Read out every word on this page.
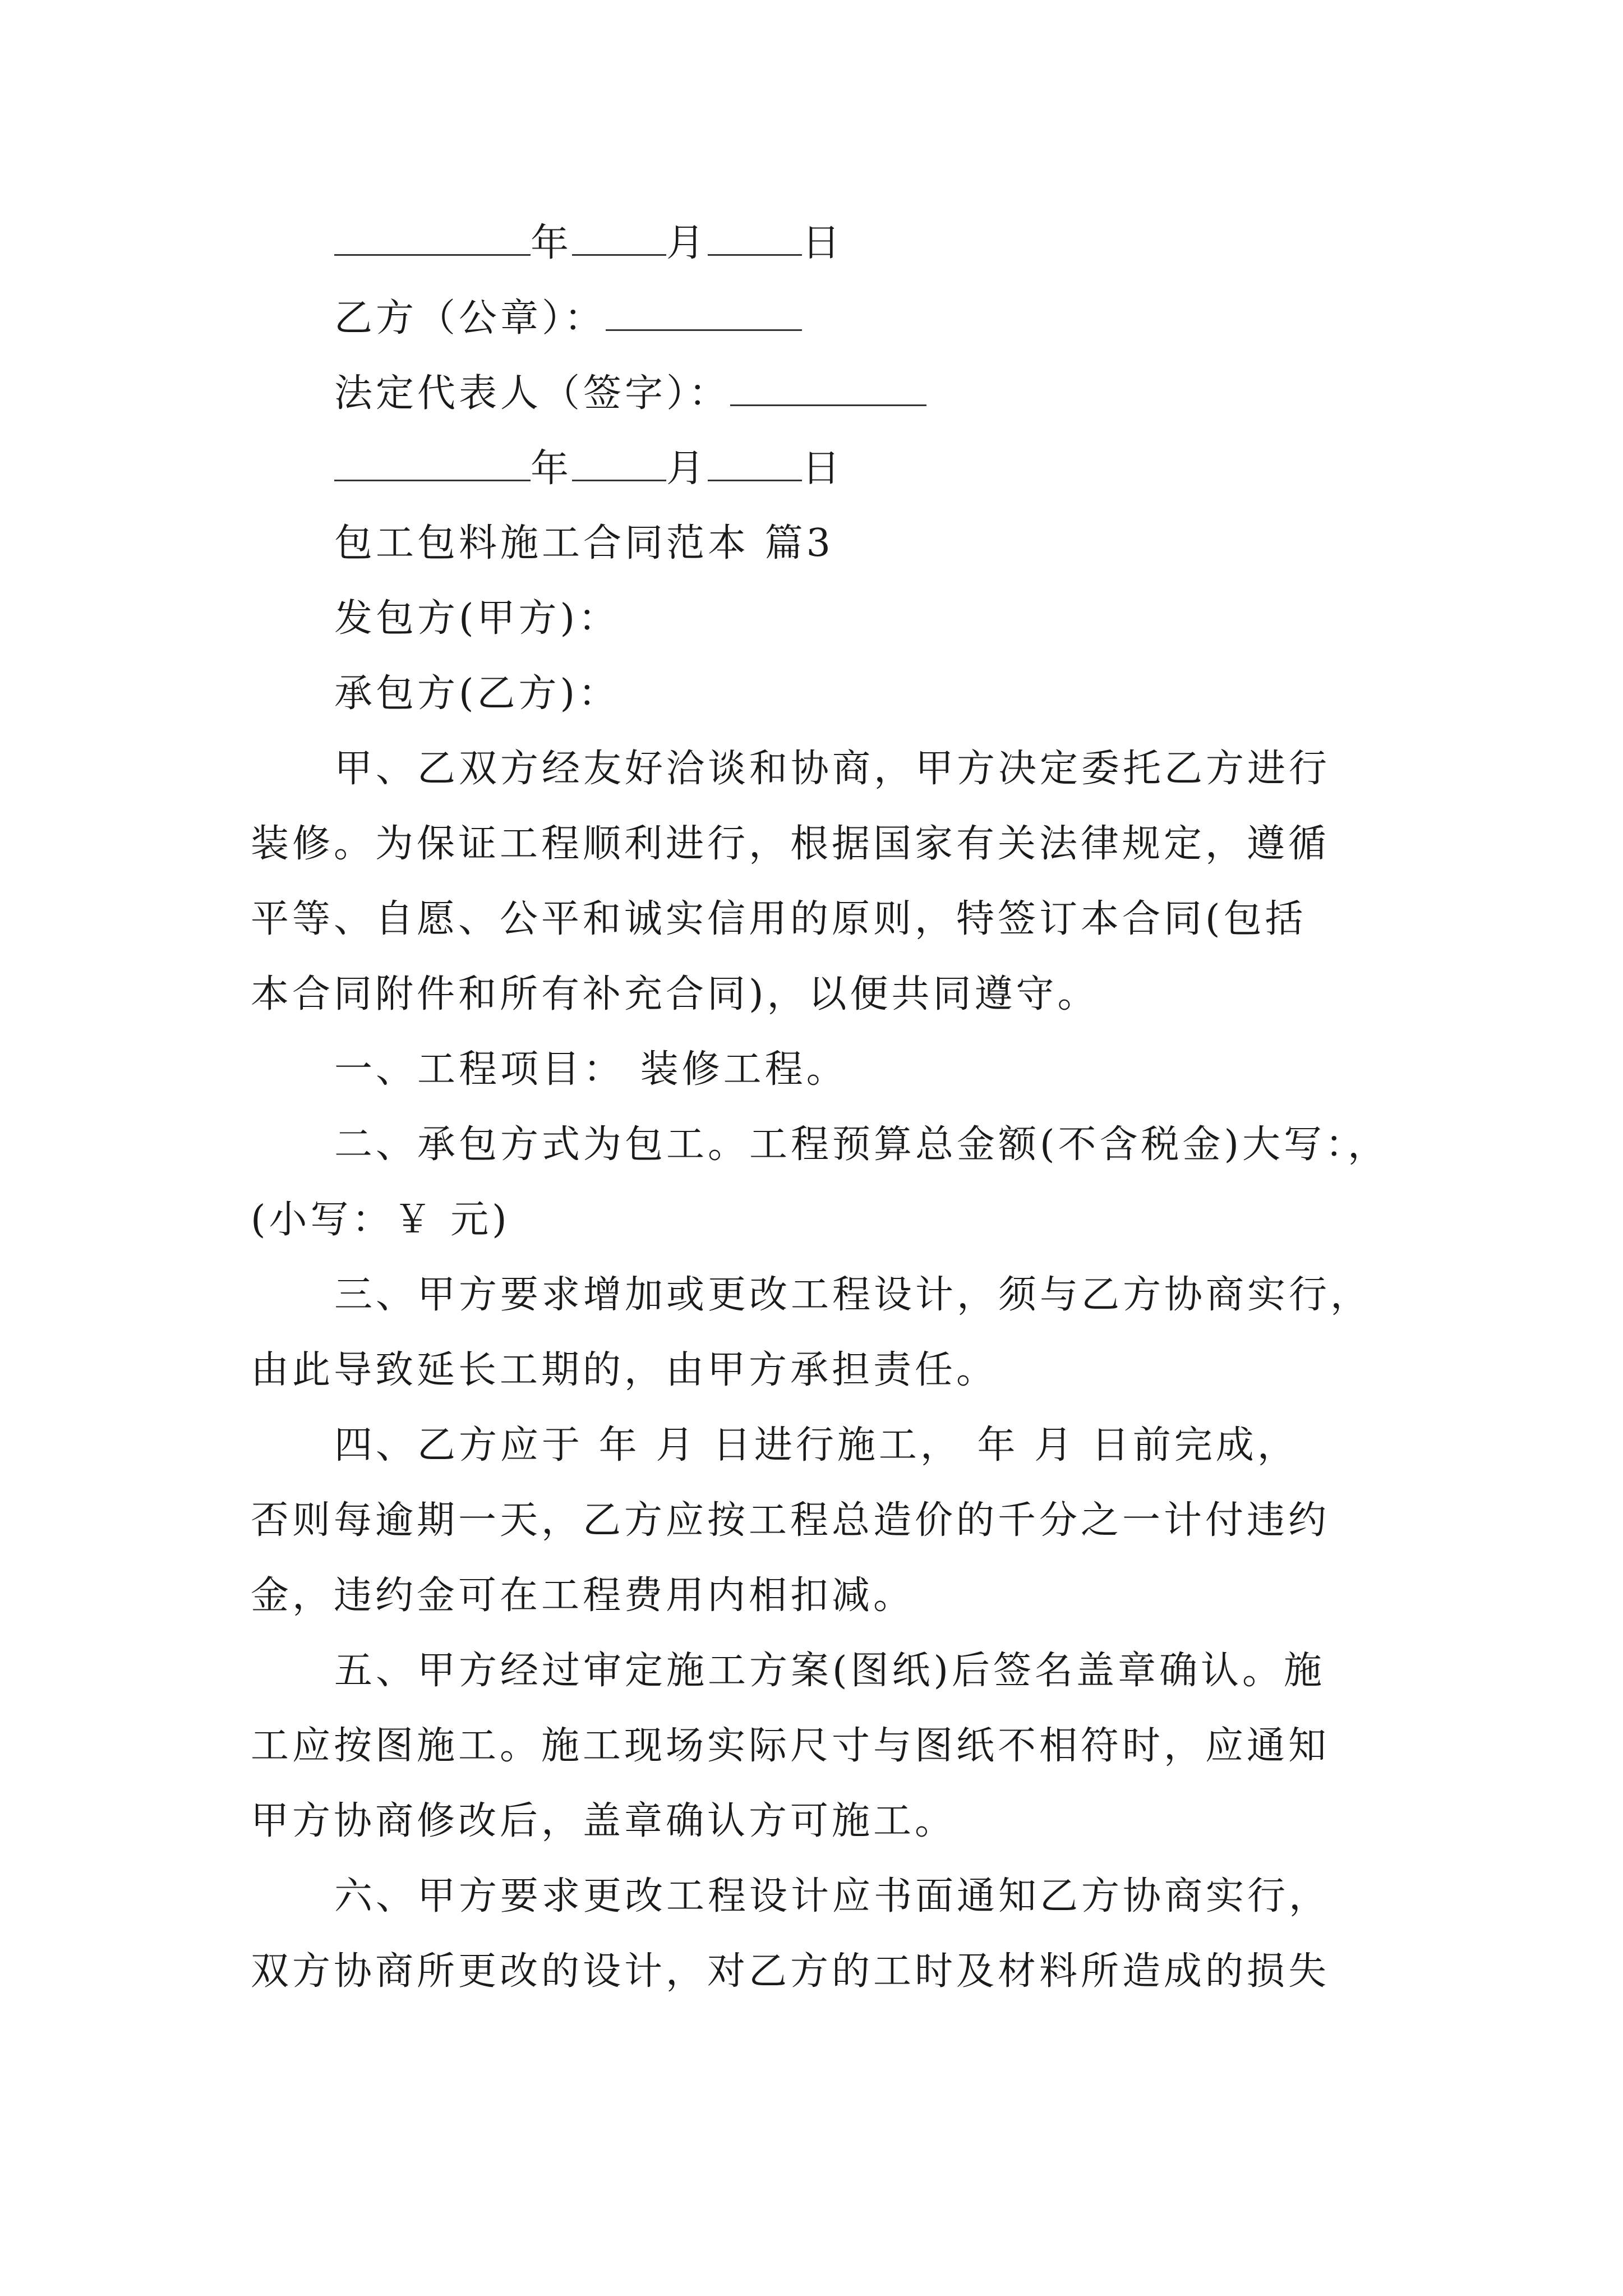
年 月 日
乙方（公章）：
法定代表人（签字）：
年 月 日
包工包料施工合同范本 篇3
发包方(甲方)：
承包方(乙方)：
甲、乙双方经友好洽谈和协商，甲方决定委托乙方进行
装修。为保证工程顺利进行，根据国家有关法律规定，遵循
平等、自愿、公平和诚实信用的原则，特签订本合同(包括
本合同附件和所有补充合同)，以便共同遵守。
一、工程项目： 装修工程。
二、承包方式为包工。工程预算总金额(不含税金)大写：，
(小写：￥ 元)
三、甲方要求增加或更改工程设计，须与乙方协商实行，
由此导致延长工期的，由甲方承担责任。
四、乙方应于 年 月 日进行施工， 年 月 日前完成，
否则每逾期一天，乙方应按工程总造价的千分之一计付违约
金，违约金可在工程费用内相扣减。
五、甲方经过审定施工方案(图纸)后签名盖章确认。施
工应按图施工。施工现场实际尺寸与图纸不相符时，应通知
甲方协商修改后，盖章确认方可施工。
六、甲方要求更改工程设计应书面通知乙方协商实行，
双方协商所更改的设计，对乙方的工时及材料所造成的损失
